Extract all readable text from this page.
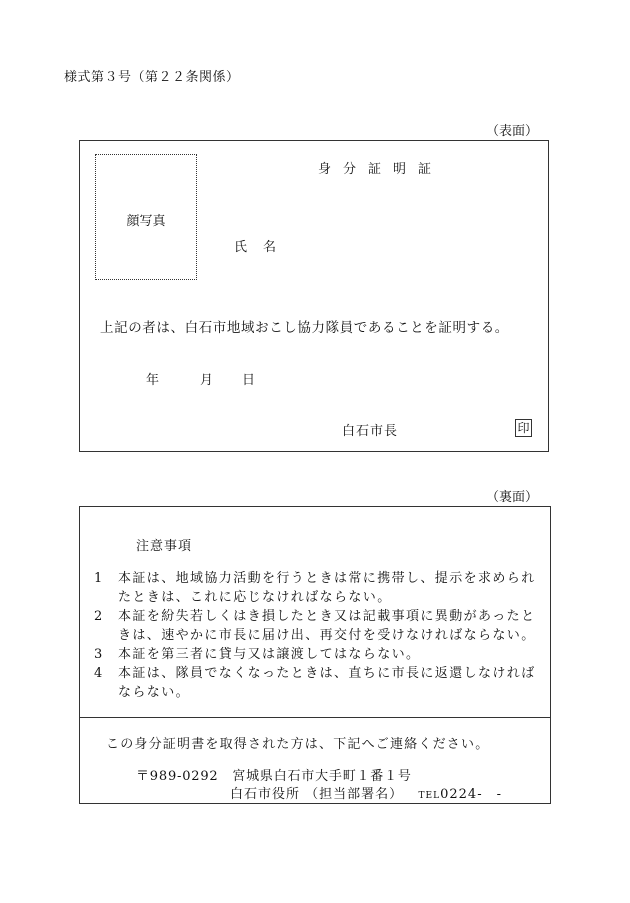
様式第３号（第２２条関係）
（表面）
顔写真
身分証明証
氏名
上記の者は、白石市地域おこし協力隊員であることを証明する。
年	月 日
白石市長	印
（裏面）
注意事項
1	本証は、地域協力活動を行うときは常に携帯し、提示を求められたときは、これに応じなければならない。
2	本証を紛失若しくはき損したとき又は記載事項に異動があったときは、速やかに市長に届け出、再交付を受けなければならない。
3	本証を第三者に貸与又は譲渡してはならない。
4	本証は、隊員でなくなったときは、直ちに市長に返還しなければならない。
この身分証明書を取得された方は、下記へご連絡ください。
〒989-0292　宮城県白石市大手町１番１号
白石市役所 （担当部署名） TEL0224-　-
